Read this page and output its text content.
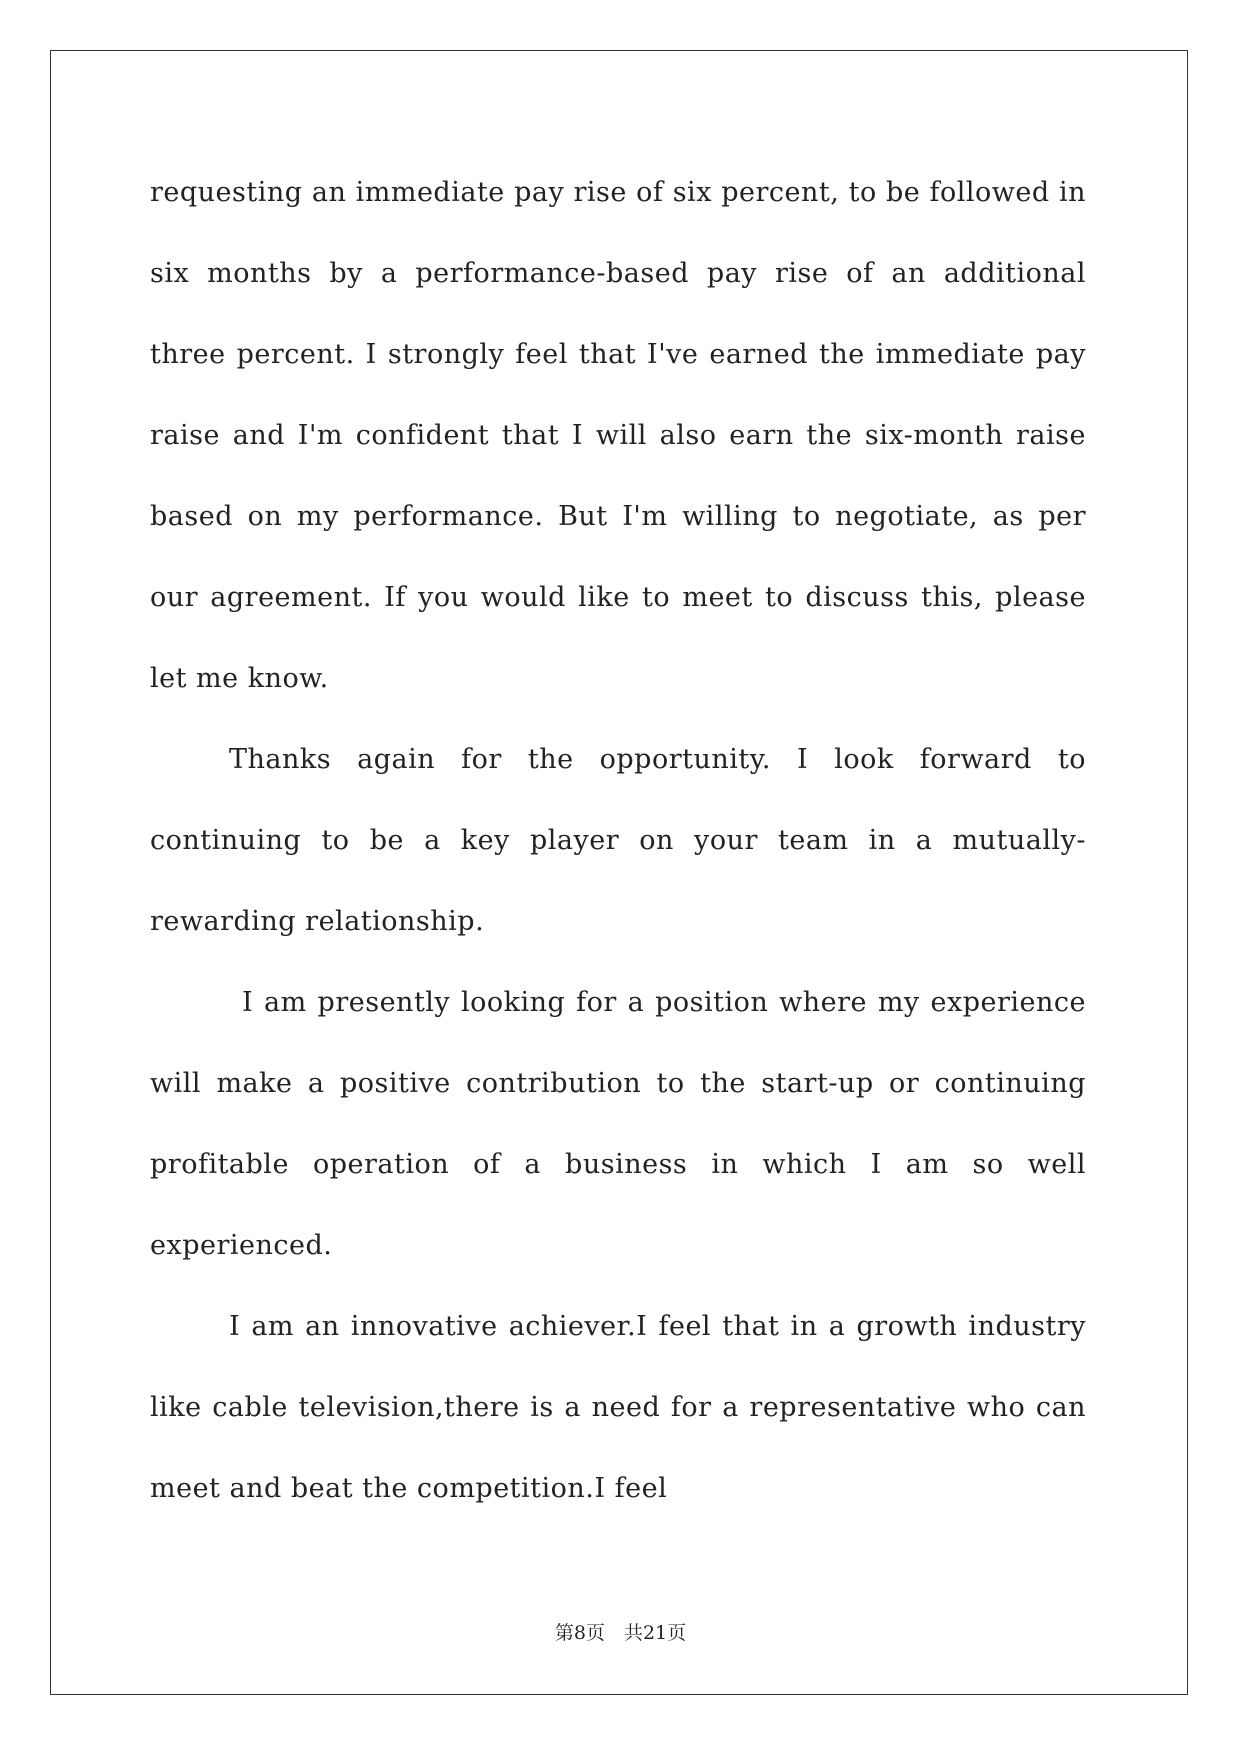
requesting an immediate pay rise of six percent, to be followed in six months by a performance-based pay rise of an additional three percent. I strongly feel that I've earned the immediate pay raise and I'm confident that I will also earn the six-month raise based on my performance. But I'm willing to negotiate, as per our agreement. If you would like to meet to discuss this, please let me know.

Thanks again for the opportunity. I look forward to continuing to be a key player on your team in a mutually-rewarding relationship.

I am presently looking for a position where my experience will make a positive contribution to the start-up or continuing profitable operation of a business in which I am so well experienced.

I am an innovative achiever.I feel that in a growth industry like cable television,there is a need for a representative who can meet and beat the competition.I feel

第8页　共21页
